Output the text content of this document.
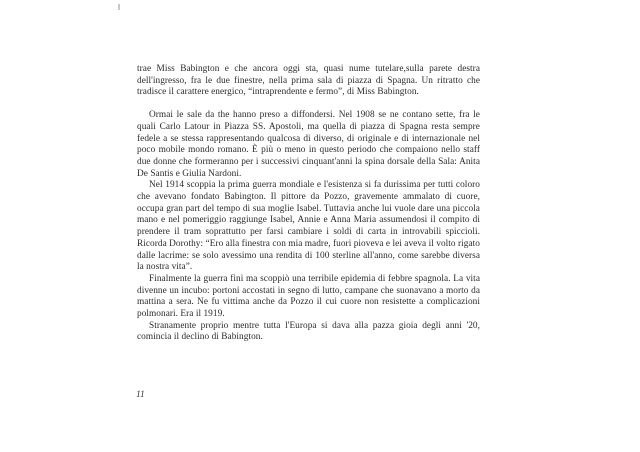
trae Miss Babington e che ancora oggi sta, quasi nume tutelare,sulla parete destra dell'ingresso, fra le due finestre, nella prima sala di piazza di Spagna. Un ritratto che tradisce il carattere energico, “intraprendente e fermo”, di Miss Babington.

Ormai le sale da the hanno preso a diffondersi. Nel 1908 se ne contano sette, fra le quali Carlo Latour in Piazza SS. Apostoli, ma quella di piazza di Spagna resta sempre fedele a se stessa rappresentando qualcosa di diverso, di originale e di internazionale nel poco mobile mondo romano. È più o meno in questo periodo che compaiono nello staff due donne che formeranno per i successivi cinquant'anni la spina dorsale della Sala: Anita De Santis e Giulia Nardoni.

Nel 1914 scoppia la prima guerra mondiale e l'esistenza si fa durissima per tutti coloro che avevano fondato Babington. Il pittore da Pozzo, gravemente ammalato di cuore, occupa gran part del tempo di sua moglie Isabel. Tuttavia anche lui vuole dare una piccola mano e nel pomeriggio raggiunge Isabel, Annie e Anna Maria assumendosi il compito di prendere il tram soprattutto per farsi cambiare i soldi di carta in introvabili spiccioli. Ricorda Dorothy: “Ero alla finestra con mia madre, fuori pioveva e lei aveva il volto rigato dalle lacrime: se solo avessimo una rendita di 100 sterline all'anno, come sarebbe diversa la nostra vita”.

Finalmente la guerra finì ma scoppiò una terribile epidemia di febbre spagnola. La vita divenne un incubo: portoni accostati in segno di lutto, campane che suonavano a morto da mattina a sera. Ne fu vittima anche da Pozzo il cui cuore non resistette a complicazioni polmonari. Era il 1919.

Stranamente proprio mentre tutta l'Europa si dava alla pazza gioia degli anni '20, comincia il declino di Babington.

11
